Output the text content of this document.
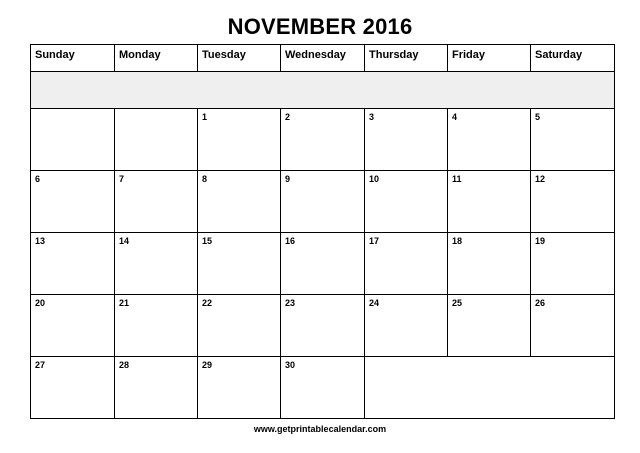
NOVEMBER 2016
Sunday	Monday	Tuesday	Wednesday	Thursday	Friday	Saturday

		1	2	3	4	5
6	7	8	9	10	11	12
13	14	15	16	17	18	19
20	21	22	23	24	25	26
27	28	29	30			
www.getprintablecalendar.com
